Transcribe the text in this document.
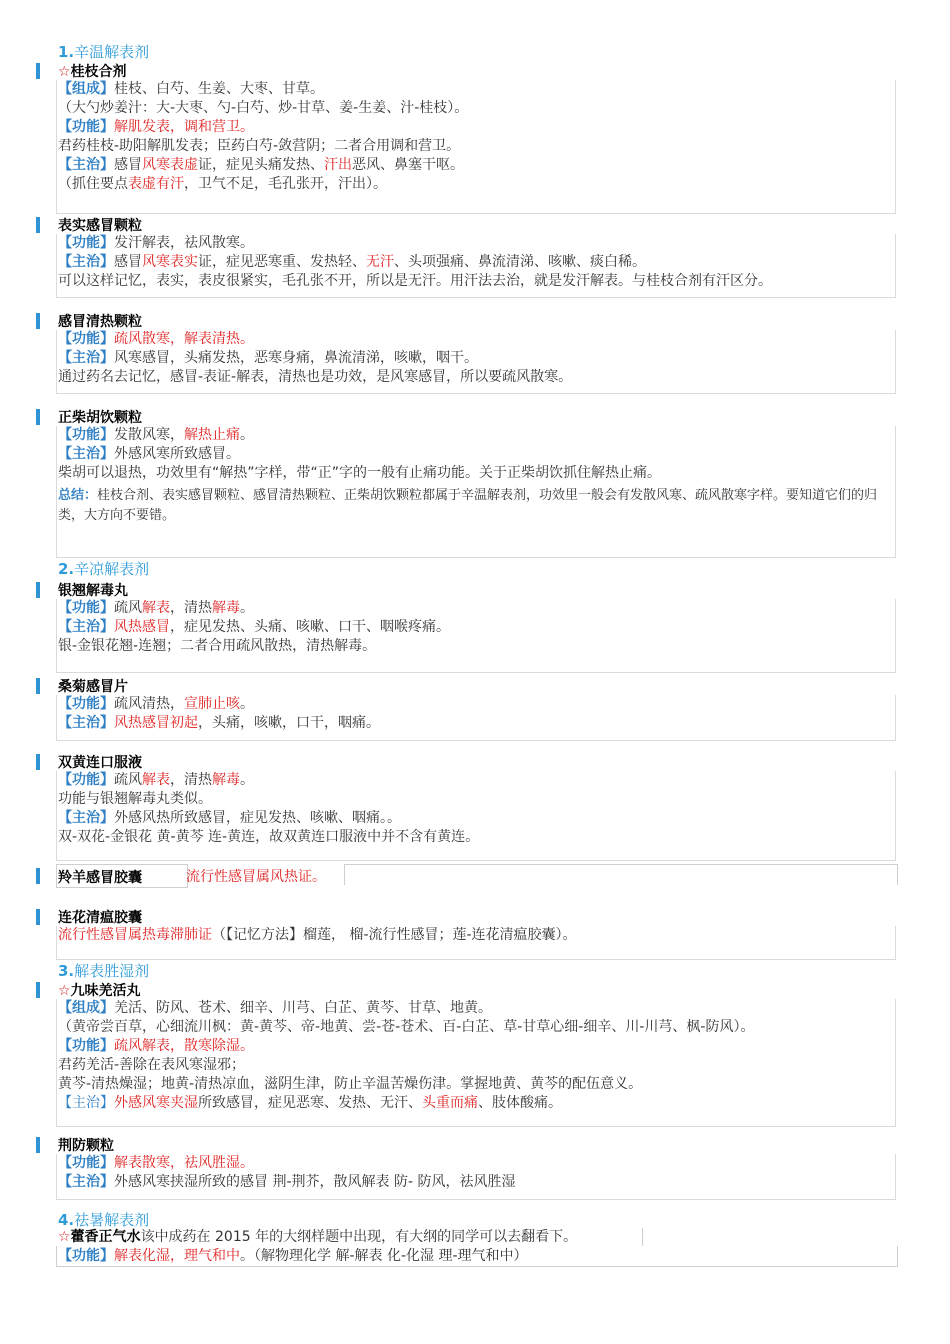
1.辛温解表剂
☆桂枝合剂
【组成】桂枝、白芍、生姜、大枣、甘草。
（大勺炒姜汁：大-大枣、勺-白芍、炒-甘草、姜-生姜、汁-桂枝）。
【功能】解肌发表，调和营卫。
君药桂枝-助阳解肌发表；臣药白芍-敛营阴；二者合用调和营卫。
【主治】感冒风寒表虚证，症见头痛发热、汗出恶风、鼻塞干呕。
（抓住要点表虚有汗，卫气不足，毛孔张开，汗出）。
表实感冒颗粒
【功能】发汗解表，祛风散寒。
【主治】感冒风寒表实证，症见恶寒重、发热轻、无汗、头项强痛、鼻流清涕、咳嗽、痰白稀。
可以这样记忆，表实，表皮很紧实，毛孔张不开，所以是无汗。用汗法去治，就是发汗解表。与桂枝合剂有汗区分。
感冒清热颗粒
【功能】疏风散寒，解表清热。
【主治】风寒感冒，头痛发热，恶寒身痛，鼻流清涕，咳嗽，咽干。
通过药名去记忆，感冒-表证-解表，清热也是功效，是风寒感冒，所以要疏风散寒。
正柴胡饮颗粒
【功能】发散风寒，解热止痛。
【主治】外感风寒所致感冒。
柴胡可以退热，功效里有“解热”字样，带“正”字的一般有止痛功能。关于正柴胡饮抓住解热止痛。
总结：桂枝合剂、表实感冒颗粒、感冒清热颗粒、正柴胡饮颗粒都属于辛温解表剂，功效里一般会有发散风寒、疏风散寒字样。要知道它们的归类，大方向不要错。
2.辛凉解表剂
银翘解毒丸
【功能】疏风解表，清热解毒。
【主治】风热感冒，症见发热、头痛、咳嗽、口干、咽喉疼痛。
银-金银花翘-连翘；二者合用疏风散热，清热解毒。
桑菊感冒片
【功能】疏风清热，宣肺止咳。
【主治】风热感冒初起，头痛，咳嗽，口干，咽痛。
双黄连口服液
【功能】疏风解表，清热解毒。
功能与银翘解毒丸类似。
【主治】外感风热所致感冒，症见发热、咳嗽、咽痛。。
双-双花-金银花 黄-黄芩 连-黄连，故双黄连口服液中并不含有黄连。
羚羊感冒胶囊	流行性感冒属风热证。
连花清瘟胶囊
流行性感冒属热毒滞肺证（【记忆方法】榴莲， 榴-流行性感冒；莲-连花清瘟胶囊）。
3.解表胜湿剂
☆九味羌活丸
【组成】羌活、防风、苍术、细辛、川芎、白芷、黄芩、甘草、地黄。
（黄帝尝百草，心细流川枫：黄-黄芩、帝-地黄、尝-苍-苍术、百-白芷、草-甘草心细-细辛、川-川芎、枫-防风）。
【功能】疏风解表，散寒除湿。
君药羌活-善除在表风寒湿邪；
黄芩-清热燥湿；地黄-清热凉血，滋阴生津，防止辛温苦燥伤津。掌握地黄、黄芩的配伍意义。
【主治】外感风寒夹湿所致感冒，症见恶寒、发热、无汗、头重而痛、肢体酸痛。
荆防颗粒
【功能】解表散寒，祛风胜湿。
【主治】外感风寒挟湿所致的感冒 荆-荆芥，散风解表 防- 防风，祛风胜湿
4.祛暑解表剂
☆藿香正气水该中成药在 2015 年的大纲样题中出现，有大纲的同学可以去翻看下。
【功能】解表化湿，理气和中。（解物理化学 解-解表 化-化湿 理-理气和中）
